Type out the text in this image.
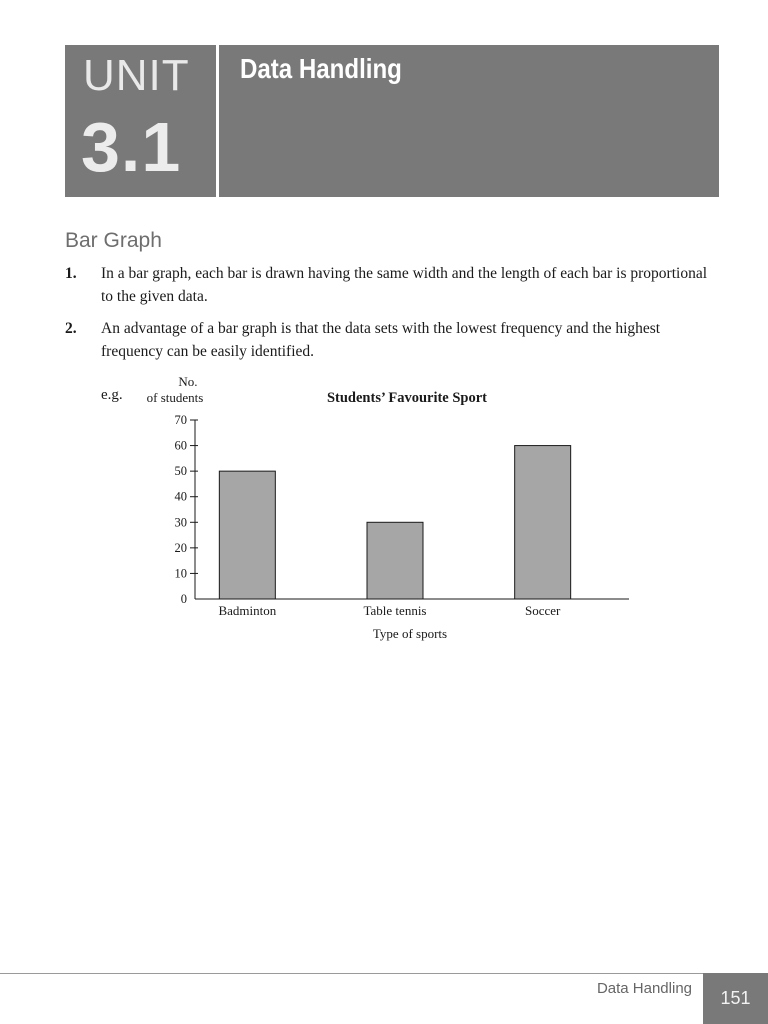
UNIT
3.1
Data Handling
Bar Graph
1. In a bar graph, each bar is drawn having the same width and the length of each bar is proportional to the given data.
2. An advantage of a bar graph is that the data sets with the lowest frequency and the highest frequency can be easily identified.
e.g.
No.
of students	Students’ Favourite Sport
0
10
20
30
40
50
60
70
Badminton	Table tennis	Soccer
Type of sports
Data Handling	151
